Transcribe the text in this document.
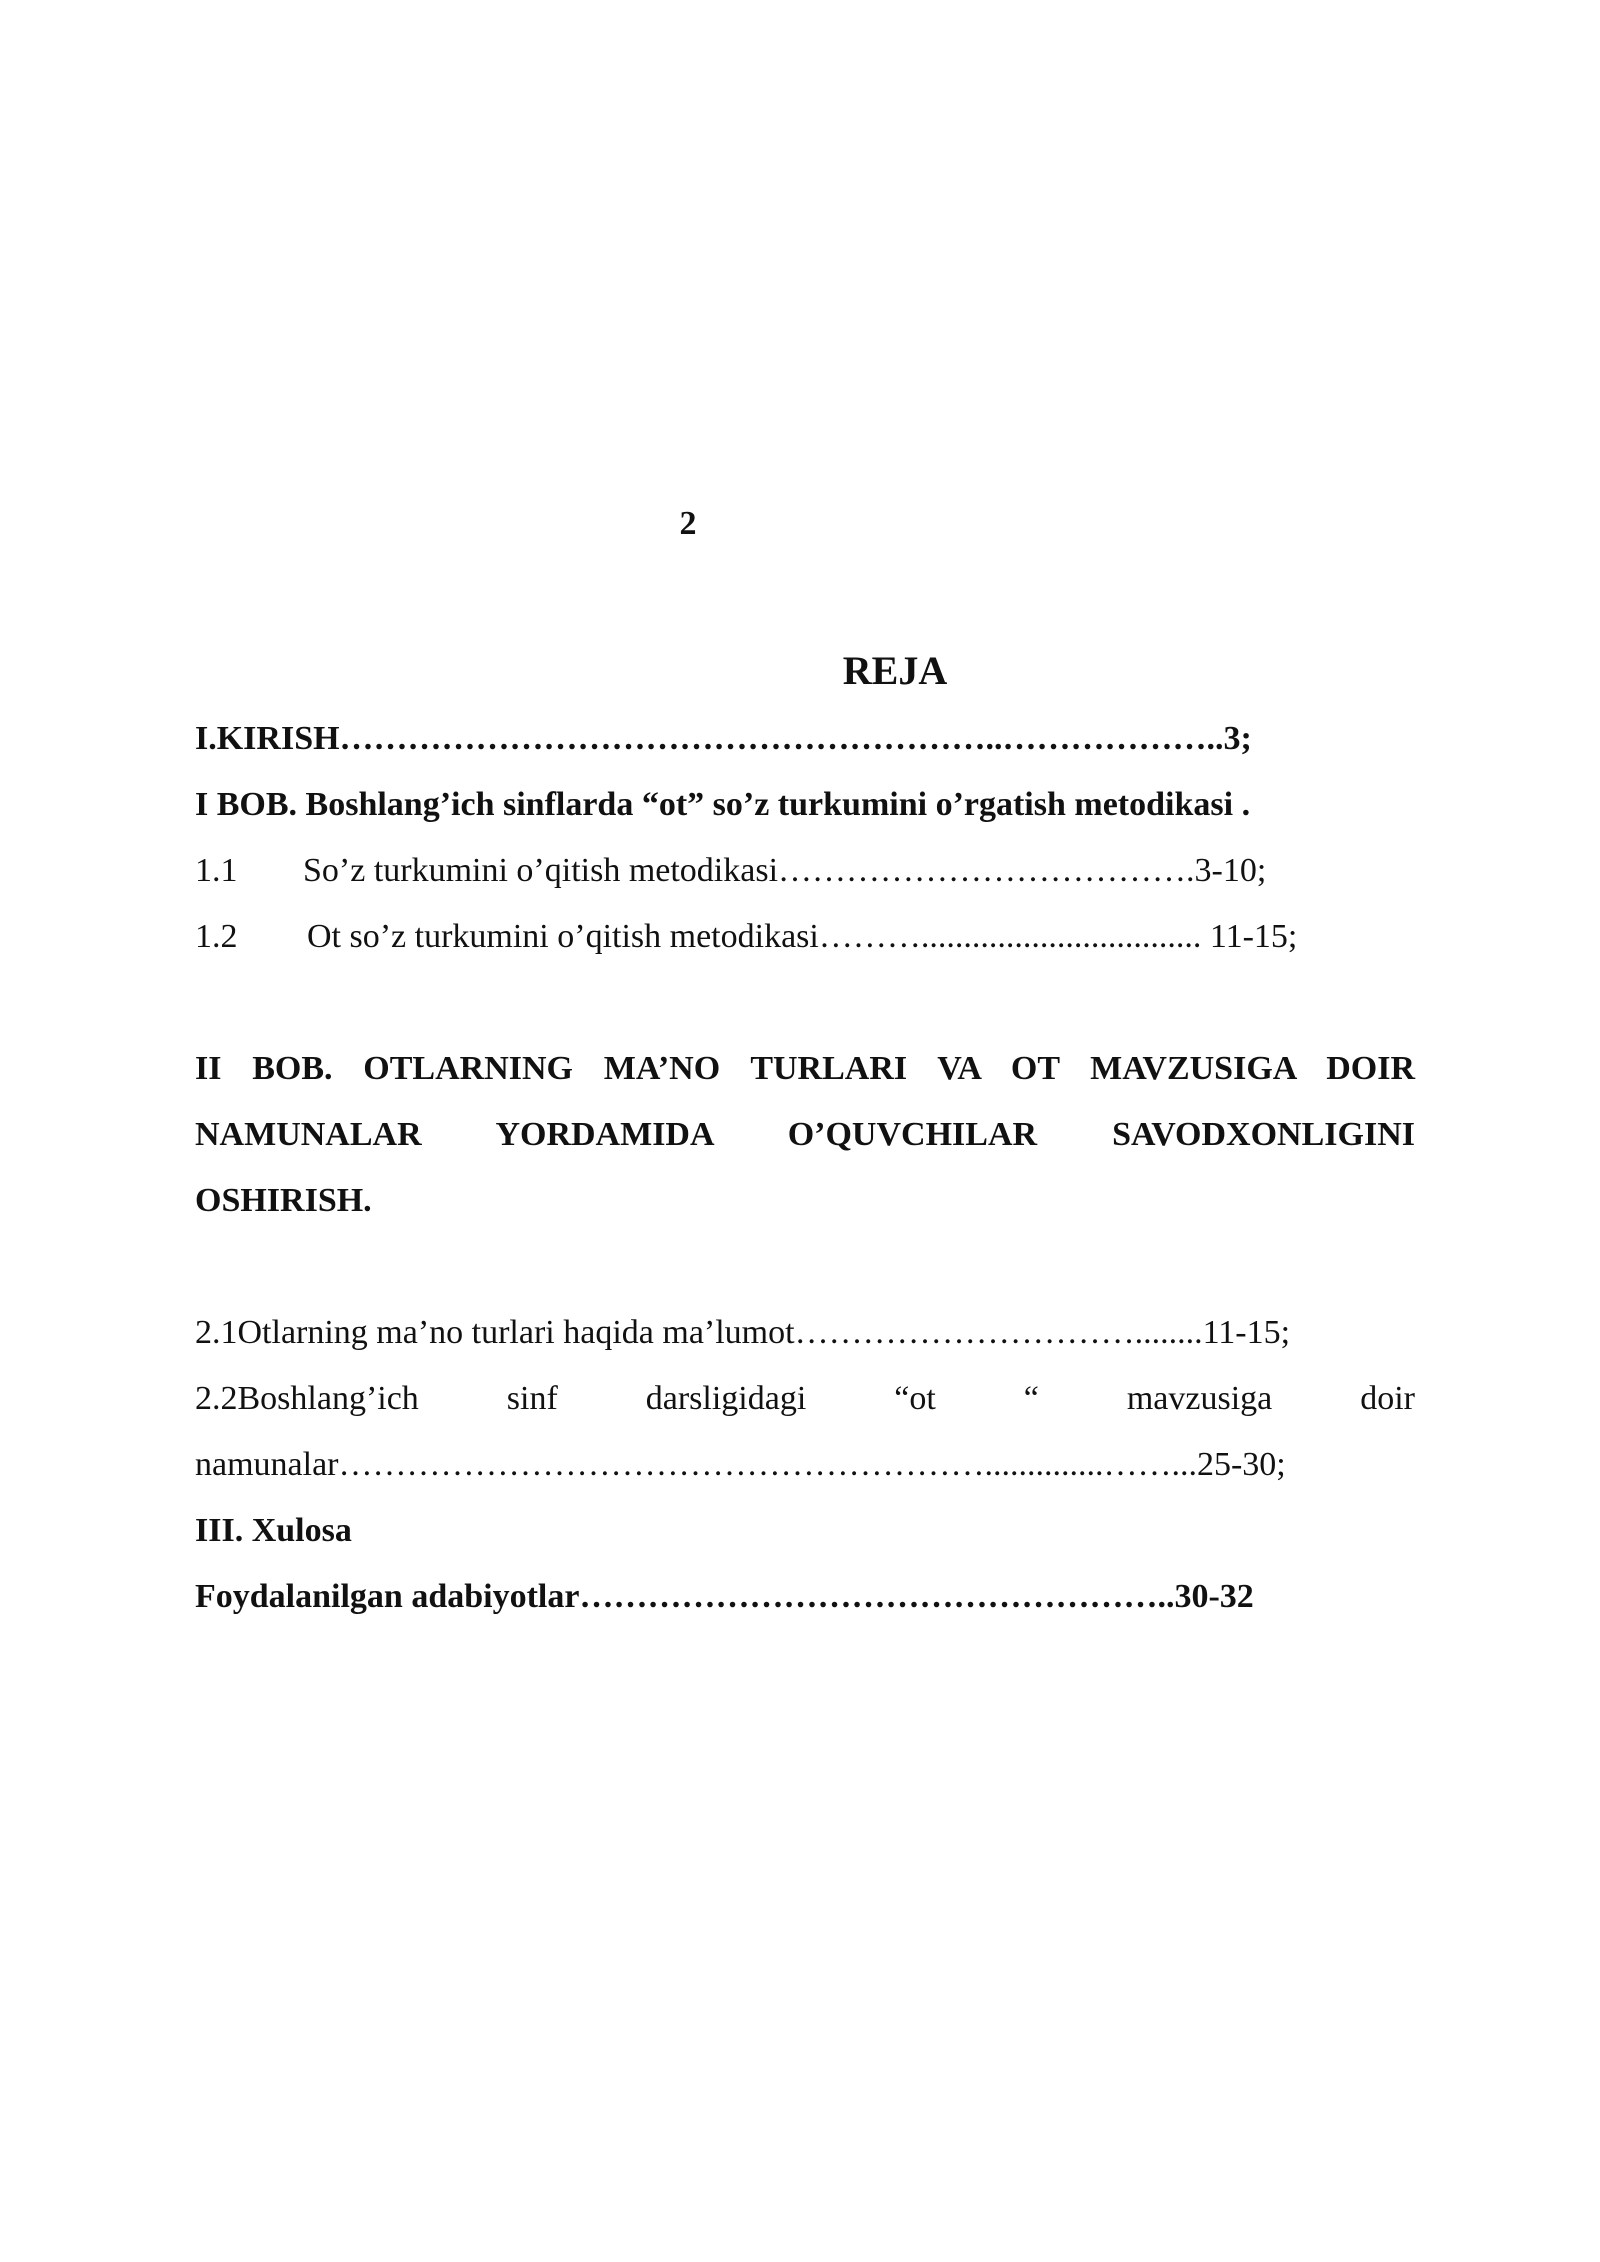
2
REJA
I.KIRISH…………………………………………………..………………..3;
I BOB. Boshlang’ich sinflarda “ot” so’z turkumini o’rgatish metodikasi .
1.1 So’z turkumini o’qitish metodikasi……………………………….3-10;
1.2 Ot so’z turkumini o’qitish metodikasi………................................. 11-15;
II BOB. OTLARNING MA’NO TURLARI VA OT MAVZUSIGA DOIR
NAMUNALAR YORDAMIDA O’QUVCHILAR SAVODXONLIGINI
OSHIRISH.
2.1Otlarning ma’no turlari haqida ma’lumot…………………………........11-15;
2.2Boshlang’ich	sinf	darsligidagi	“ot	“	mavzusiga	doir
namunalar…………………………………………………..............……...25-30;
III. Xulosa
Foydalanilgan adabiyotlar……………………………………………..30-32
